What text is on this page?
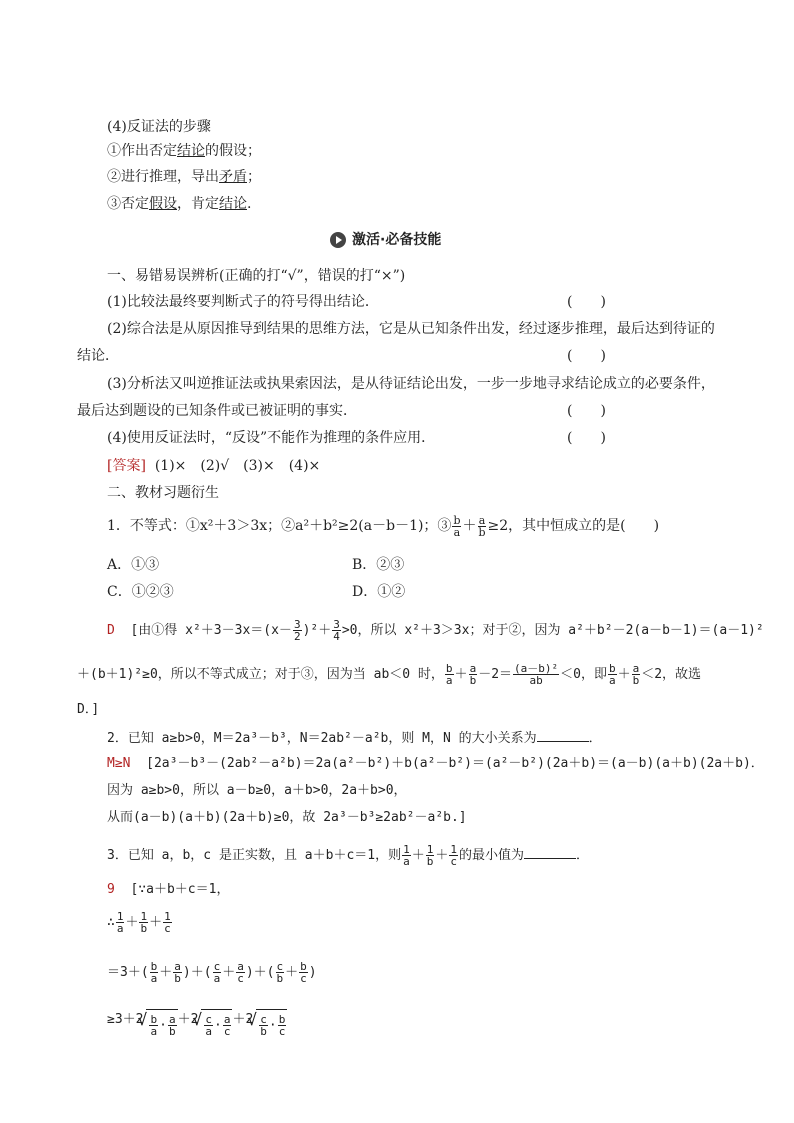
(4)反证法的步骤
①作出否定结论的假设；
②进行推理，导出矛盾；
③否定假设，肯定结论.
激活·必备技能
一、易错易误辨析(正确的打“√”，错误的打“×”)
(1)比较法最终要判断式子的符号得出结论．	(　　)
(2)综合法是从原因推导到结果的思维方法，它是从已知条件出发，经过逐步推理，最后达到待证的
结论．	(　　)
(3)分析法又叫逆推证法或执果索因法，是从待证结论出发，一步一步地寻求结论成立的必要条件，
最后达到题设的已知条件或已被证明的事实．	(　　)
(4)使用反证法时，“反设”不能作为推理的条件应用．	(　　)
[答案] (1)×　(2)√　(3)×　(4)×
二、教材习题衍生
1．不等式：①x²＋3＞3x；②a²＋b²≥2(a－b－1)；③ $\frac{b}{a} + \frac{a}{b} \ge 2$，其中恒成立的是(　　)
A．①③	B．②③
C．①②③	D．①②
D [由①得 $x^2+3-3x=(x- \frac{3}{2} )^2+ \frac{3}{4} >0$，所以 x²＋3＞3x；对于②，因为 a²＋b²－2(a－b－1)＝(a－1)²
＋(b＋1)²≥0，所以不等式成立；对于③，因为当 ab＜0 时， $\frac{b}{a} + \frac{a}{b} -2= \frac{\text{(a－b)²}}{ab} <0$，即 $\frac{b}{a} + \frac{a}{b} <2$，故选
D．]
2．已知 a≥b>0，M＝2a³－b³，N＝2ab²－a²b，则 M，N 的大小关系为	．
M≥N [2a³－b³－(2ab²－a²b)＝2a(a²－b²)＋b(a²－b²)＝(a²－b²)(2a＋b)＝(a－b)(a＋b)(2a＋b)．
因为 a≥b>0，所以 a－b≥0，a＋b>0，2a＋b>0，
从而(a－b)(a＋b)(2a＋b)≥0，故 2a³－b³≥2ab²－a²b.]
3．已知 a，b，c 是正实数，且 a＋b＋c＝1，则 $\frac{1}{a} + \frac{1}{b} + \frac{1}{c}$ 的最小值为	．
9 [∵a＋b＋c＝1，
∴ $\frac{1}{a} + \frac{1}{b} + \frac{1}{c}$
$=3+( \frac{b}{a} + \frac{a}{b}$ )＋( $\frac{c}{a} + \frac{a}{c}$ )＋( $\frac{c}{b} + \frac{b}{c}$ )
≥3＋2 √ $\frac{b}{a} \cdot \frac{a}{b} +2$ √ $\frac{c}{a} \cdot \frac{a}{c} +2$ √ $\frac{c}{b} \cdot \frac{b}{c}$
